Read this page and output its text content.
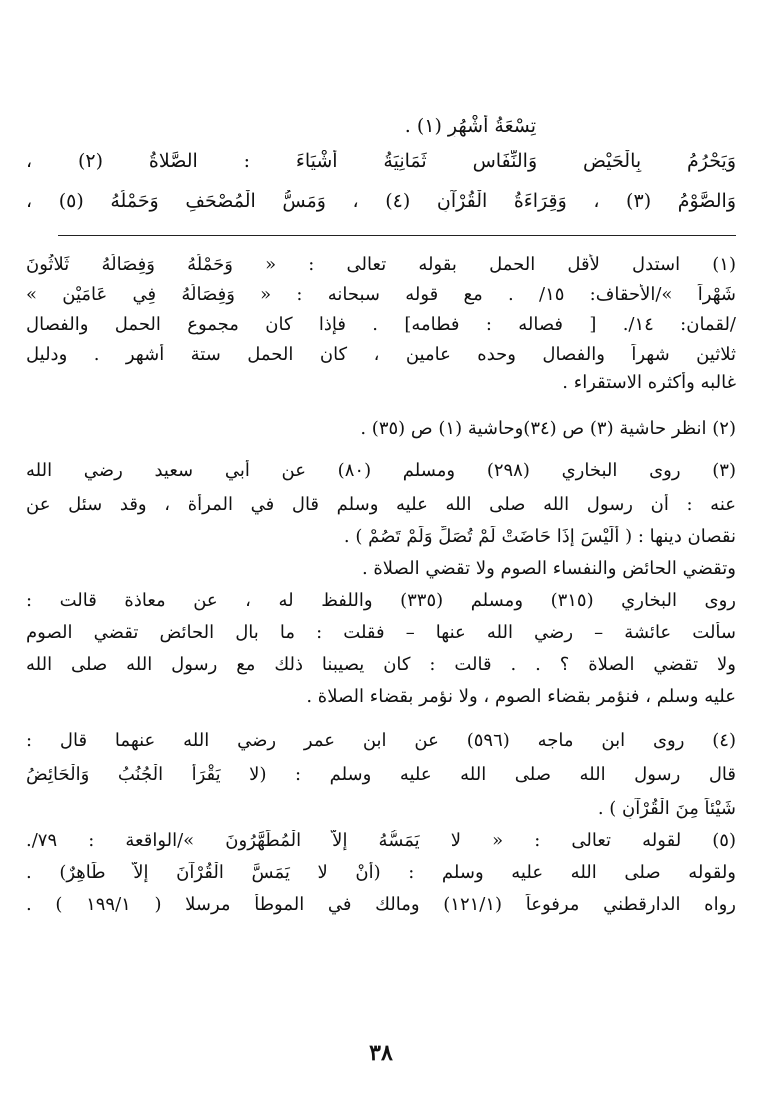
تِسْعَةُ أَشْهُرٍ (١) .
وَيَحْرُمُ بِالْحَيْضِ وَالنِّفَاسِ ثَمَانِيَةُ أَشْيَاءَ : الصَّلاةُ (٢) ،
وَالصَّوْمُ (٣) ، وَقِرَاءَةُ الْقُرْآنِ (٤) ، وَمَسُّ الْمُصْحَفِ وَحَمْلُهُ (٥) ،
(١) استدل لأقل الحمل بقوله تعالى : « وَحَمْلُهُ وَفِصَالُهُ ثَلاثُونَ
شَهْراً »/الأحقاف: ١٥/ . مع قوله سبحانه : « وَفِصَالُهُ فِي عَامَيْنِ »
/لقمان: ١٤/. [ فصاله : فطامه] . فإذا كان مجموع الحمل والفصال
ثلاثين شهراً والفصال وحده عامين ، كان الحمل ستة أشهر . ودليل
غالبه وأكثره الاستقراء .
(٢) انظر حاشية (٣) ص (٣٤)وحاشية (١) ص (٣٥) .
(٣) روى البخاري (٢٩٨) ومسلم (٨٠) عن أبي سعيد رضي الله
عنه : أن رسول الله صلى الله عليه وسلم قال في المرأة ، وقد سئل عن
نقصان دينها : ( أَلَيْسَ إِذَا حَاضَتْ لَمْ تُصَلِّ وَلَمْ تَصُمْ ) .
وتقضي الحائض والنفساء الصوم ولا تقضي الصلاة .
روى البخاري (٣١٥) ومسلم (٣٣٥) واللفظ له ، عن معاذة قالت :
سألت عائشة – رضي الله عنها – فقلت : ما بال الحائض تقضي الصوم
ولا تقضي الصلاة ؟ . . قالت : كان يصيبنا ذلك مع رسول الله صلى الله
عليه وسلم ، فنؤمر بقضاء الصوم ، ولا نؤمر بقضاء الصلاة .
(٤) روى ابن ماجه (٥٩٦) عن ابن عمر رضي الله عنهما قال :
قال رسول الله صلى الله عليه وسلم : (لا يَقْرَأُ الْجُنُبُ وَالْحَائِضُ
شَيْئاً مِنَ الْقُرْآنِ ) .
(٥) لقوله تعالى : « لا يَمَسُّهُ إِلاَّ الْمُطَهَّرُونَ »/الواقعة : ٧٩/.
ولقوله صلى الله عليه وسلم : (أَنْ لا يَمَسَّ الْقُرْآنَ إِلاَّ طَاهِرٌ) .
رواه الدارقطني مرفوعاً (١٢١/١) ومالك في الموطأ مرسلا ( ١٩٩/١ ) .
٣٨
